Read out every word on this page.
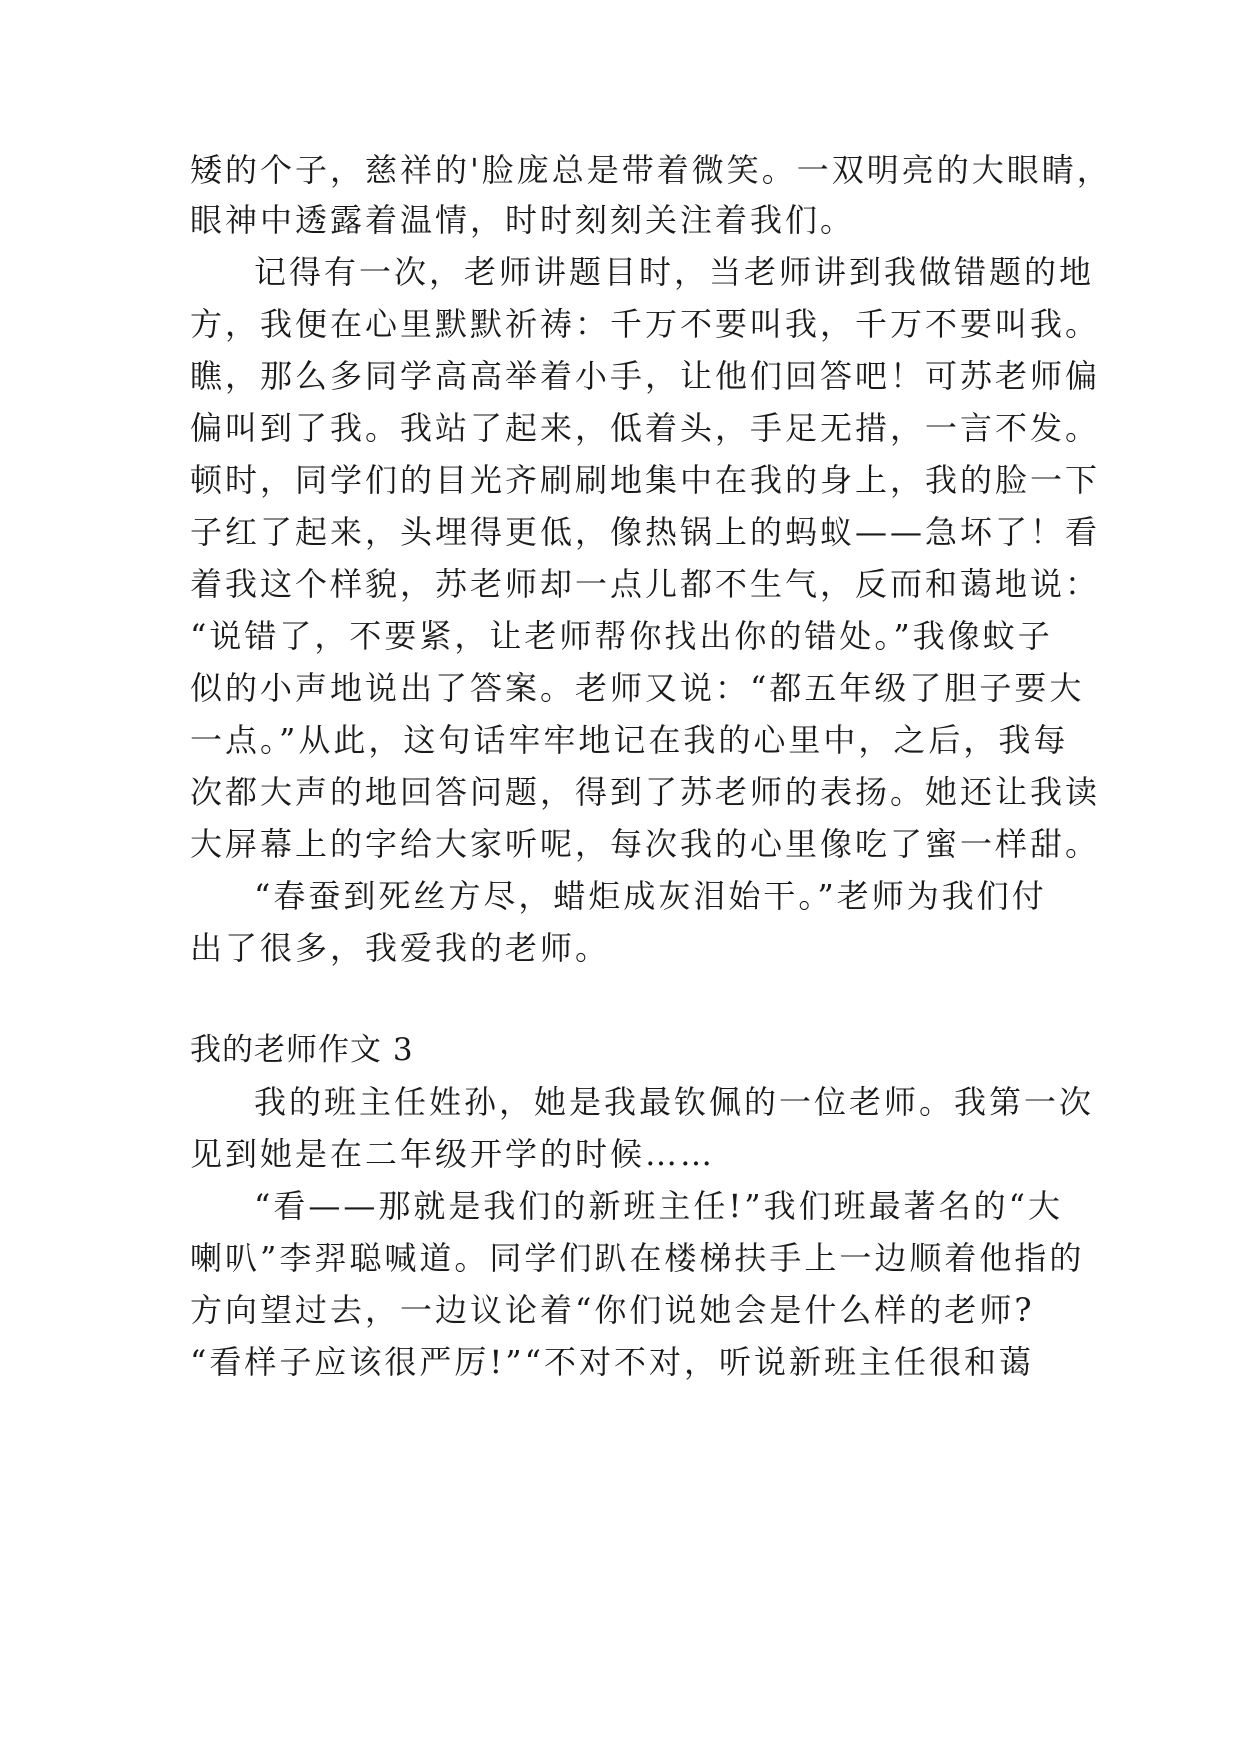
矮的个子，慈祥的'脸庞总是带着微笑。一双明亮的大眼睛，
眼神中透露着温情，时时刻刻关注着我们。
记得有一次，老师讲题目时，当老师讲到我做错题的地
方，我便在心里默默祈祷：千万不要叫我，千万不要叫我。
瞧，那么多同学高高举着小手，让他们回答吧！可苏老师偏
偏叫到了我。我站了起来，低着头，手足无措，一言不发。
顿时，同学们的目光齐刷刷地集中在我的身上，我的脸一下
子红了起来，头埋得更低，像热锅上的蚂蚁——急坏了！看
着我这个样貌，苏老师却一点儿都不生气，反而和蔼地说：
“说错了，不要紧，让老师帮你找出你的错处。”我像蚊子
似的小声地说出了答案。老师又说：“都五年级了胆子要大
一点。”从此，这句话牢牢地记在我的心里中，之后，我每
次都大声的地回答问题，得到了苏老师的表扬。她还让我读
大屏幕上的字给大家听呢，每次我的心里像吃了蜜一样甜。
“春蚕到死丝方尽，蜡炬成灰泪始干。”老师为我们付
出了很多，我爱我的老师。
我的老师作文 3
我的班主任姓孙，她是我最钦佩的一位老师。我第一次
见到她是在二年级开学的时候……
“看——那就是我们的新班主任!”我们班最著名的“大
喇叭”李羿聪喊道。同学们趴在楼梯扶手上一边顺着他指的
方向望过去，一边议论着“你们说她会是什么样的老师?
“看样子应该很严厉!”“不对不对，听说新班主任很和蔼
